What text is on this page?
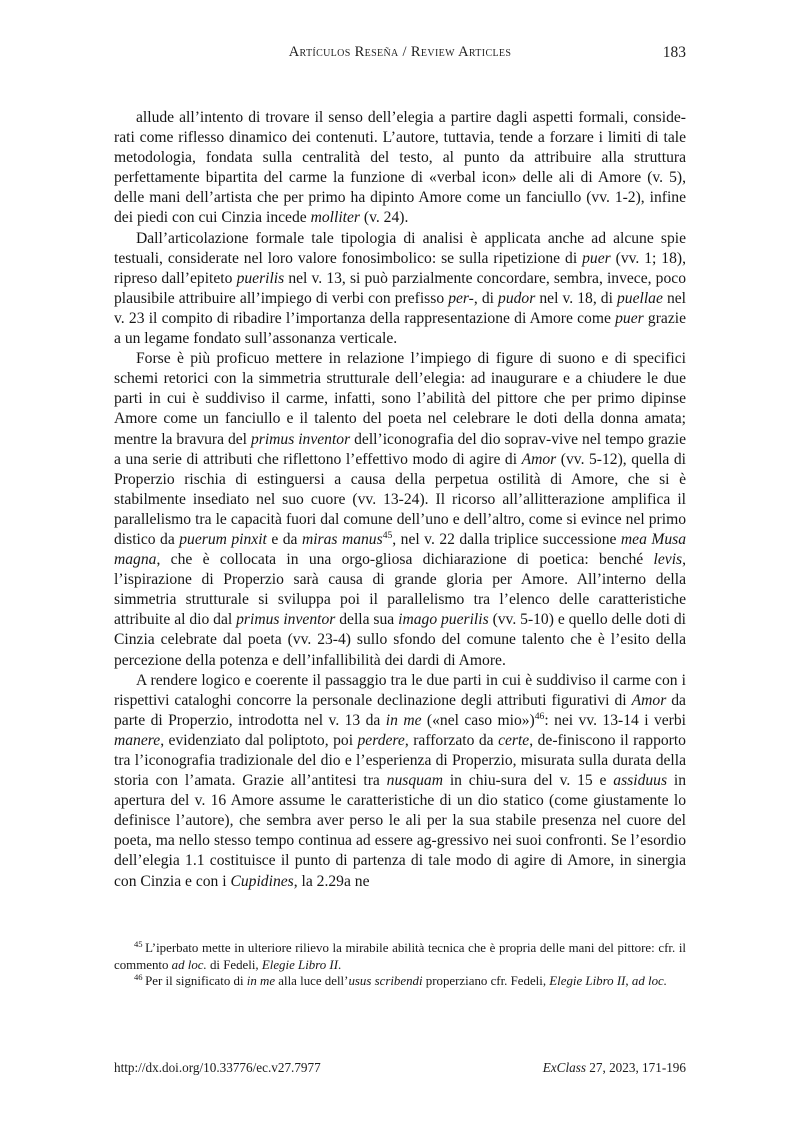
Artículos Reseña / Review Articles	183

allude all’intento di trovare il senso dell’elegia a partire dagli aspetti formali, conside-rati come riflesso dinamico dei contenuti. L’autore, tuttavia, tende a forzare i limiti di tale metodologia, fondata sulla centralità del testo, al punto da attribuire alla struttura perfettamente bipartita del carme la funzione di «verbal icon» delle ali di Amore (v. 5), delle mani dell’artista che per primo ha dipinto Amore come un fanciullo (vv. 1-2), infine dei piedi con cui Cinzia incede molliter (v. 24).

Dall’articolazione formale tale tipologia di analisi è applicata anche ad alcune spie testuali, considerate nel loro valore fonosimbolico: se sulla ripetizione di puer (vv. 1; 18), ripreso dall’epiteto puerilis nel v. 13, si può parzialmente concordare, sembra, invece, poco plausibile attribuire all’impiego di verbi con prefisso per-, di pudor nel v. 18, di puellae nel v. 23 il compito di ribadire l’importanza della rappresentazione di Amore come puer grazie a un legame fondato sull’assonanza verticale.

Forse è più proficuo mettere in relazione l’impiego di figure di suono e di specifici schemi retorici con la simmetria strutturale dell’elegia: ad inaugurare e a chiudere le due parti in cui è suddiviso il carme, infatti, sono l’abilità del pittore che per primo dipinse Amore come un fanciullo e il talento del poeta nel celebrare le doti della donna amata; mentre la bravura del primus inventor dell’iconografia del dio soprav-vive nel tempo grazie a una serie di attributi che riflettono l’effettivo modo di agire di Amor (vv. 5-12), quella di Properzio rischia di estinguersi a causa della perpetua ostilità di Amore, che si è stabilmente insediato nel suo cuore (vv. 13-24). Il ricorso all’allitterazione amplifica il parallelismo tra le capacità fuori dal comune dell’uno e dell’altro, come si evince nel primo distico da puerum pinxit e da miras manus$^{45}$, nel v. 22 dalla triplice successione mea Musa magna, che è collocata in una orgo-gliosa dichiarazione di poetica: benché levis, l’ispirazione di Properzio sarà causa di grande gloria per Amore. All’interno della simmetria strutturale si sviluppa poi il parallelismo tra l’elenco delle caratteristiche attribuite al dio dal primus inventor della sua imago puerilis (vv. 5-10) e quello delle doti di Cinzia celebrate dal poeta (vv. 23-4) sullo sfondo del comune talento che è l’esito della percezione della potenza e dell’infallibilità dei dardi di Amore.

A rendere logico e coerente il passaggio tra le due parti in cui è suddiviso il carme con i rispettivi cataloghi concorre la personale declinazione degli attributi figurativi di Amor da parte di Properzio, introdotta nel v. 13 da in me («nel caso mio»)$^{46}$: nei vv. 13-14 i verbi manere, evidenziato dal poliptoto, poi perdere, rafforzato da certe, de-finiscono il rapporto tra l’iconografia tradizionale del dio e l’esperienza di Properzio, misurata sulla durata della storia con l’amata. Grazie all’antitesi tra nusquam in chiu-sura del v. 15 e assiduus in apertura del v. 16 Amore assume le caratteristiche di un dio statico (come giustamente lo definisce l’autore), che sembra aver perso le ali per la sua stabile presenza nel cuore del poeta, ma nello stesso tempo continua ad essere ag-gressivo nei suoi confronti. Se l’esordio dell’elegia 1.1 costituisce il punto di partenza di tale modo di agire di Amore, in sinergia con Cinzia e con i Cupidines, la 2.29a ne

$^{45}$ L’iperbato mette in ulteriore rilievo la mirabile abilità tecnica che è propria delle mani del pittore: cfr. il commento ad loc. di Fedeli, Elegie Libro II.

$^{46}$ Per il significato di in me alla luce dell’usus scribendi properziano cfr. Fedeli, Elegie Libro II, ad loc.

http://dx.doi.org/10.33776/ec.v27.7977	ExClass 27, 2023, 171-196
